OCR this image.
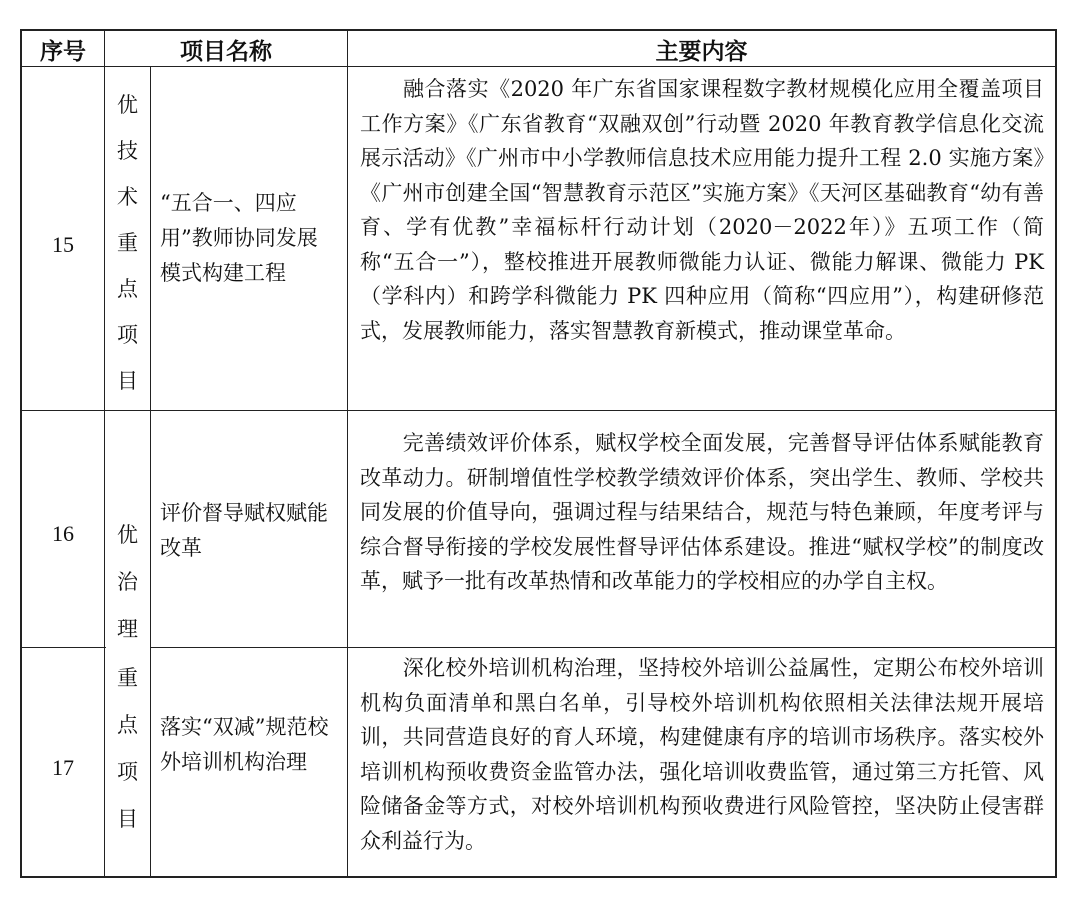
序号	项目名称	主要内容
15
16
17
优
技
术
重
点
项
目
优
治
理
重
点
项
目
“五合一、四应用”教师协同发展模式构建工程
评价督导赋权赋能改革
落实“双减”规范校外培训机构治理
　　融合落实《2020 年广东省国家课程数字教材规模化应用全覆盖项目工作方案》《广东省教育“双融双创”行动暨 2020 年教育教学信息化交流展示活动》《广州市中小学教师信息技术应用能力提升工程 2.0 实施方案》《广州市创建全国“智慧教育示范区”实施方案》《天河区基础教育“幼有善育、学有优教”幸福标杆行动计划（2020－2022年）》五项工作（简称“五合一”），整校推进开展教师微能力认证、微能力解课、微能力 PK（学科内）和跨学科微能力 PK 四种应用（简称“四应用”），构建研修范式，发展教师能力，落实智慧教育新模式，推动课堂革命。
　　完善绩效评价体系，赋权学校全面发展，完善督导评估体系赋能教育改革动力。研制增值性学校教学绩效评价体系，突出学生、教师、学校共同发展的价值导向，强调过程与结果结合，规范与特色兼顾，年度考评与综合督导衔接的学校发展性督导评估体系建设。推进“赋权学校”的制度改革，赋予一批有改革热情和改革能力的学校相应的办学自主权。
　　深化校外培训机构治理，坚持校外培训公益属性，定期公布校外培训机构负面清单和黑白名单，引导校外培训机构依照相关法律法规开展培训，共同营造良好的育人环境，构建健康有序的培训市场秩序。落实校外培训机构预收费资金监管办法，强化培训收费监管，通过第三方托管、风险储备金等方式，对校外培训机构预收费进行风险管控，坚决防止侵害群众利益行为。
